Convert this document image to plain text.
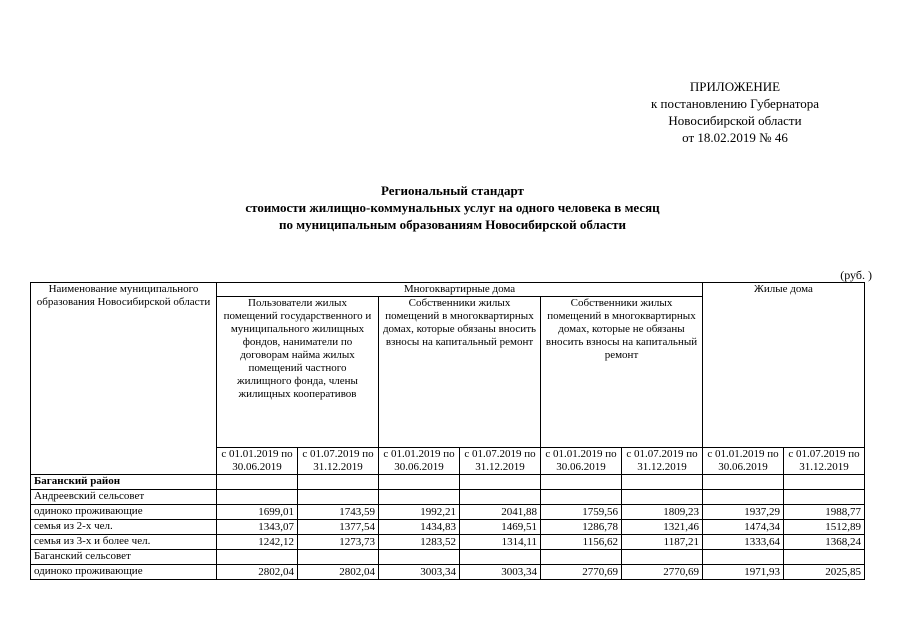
ПРИЛОЖЕНИЕ
к постановлению Губернатора
Новосибирской области
от 18.02.2019 № 46
Региональный стандарт
стоимости жилищно-коммунальных услуг на одного человека в месяц
по муниципальным образованиям Новосибирской области
(руб. )
Наименование муниципального образования Новосибирской области	Многоквартирные дома						Жилые дома	
	Пользователи жилых помещений государственного и муниципального жилищных фондов, наниматели по договорам найма жилых помещений частного жилищного фонда, члены жилищных кооперативов		Собственники жилых помещений в многоквартирных домах, которые обязаны вносить взносы на капитальный ремонт		Собственники жилых помещений в многоквартирных домах, которые не обязаны вносить взносы на капитальный ремонт			
	с 01.01.2019 по 30.06.2019	с 01.07.2019 по 31.12.2019	с 01.01.2019 по 30.06.2019	с 01.07.2019 по 31.12.2019	с 01.01.2019 по 30.06.2019	с 01.07.2019 по 31.12.2019	с 01.01.2019 по 30.06.2019	с 01.07.2019 по 31.12.2019
Баганский район								
Андреевский сельсовет								
одиноко проживающие	1699,01	1743,59	1992,21	2041,88	1759,56	1809,23	1937,29	1988,77
семья из 2-х чел.	1343,07	1377,54	1434,83	1469,51	1286,78	1321,46	1474,34	1512,89
семья из 3-х и более чел.	1242,12	1273,73	1283,52	1314,11	1156,62	1187,21	1333,64	1368,24
Баганский сельсовет								
одиноко проживающие	2802,04	2802,04	3003,34	3003,34	2770,69	2770,69	1971,93	2025,85
